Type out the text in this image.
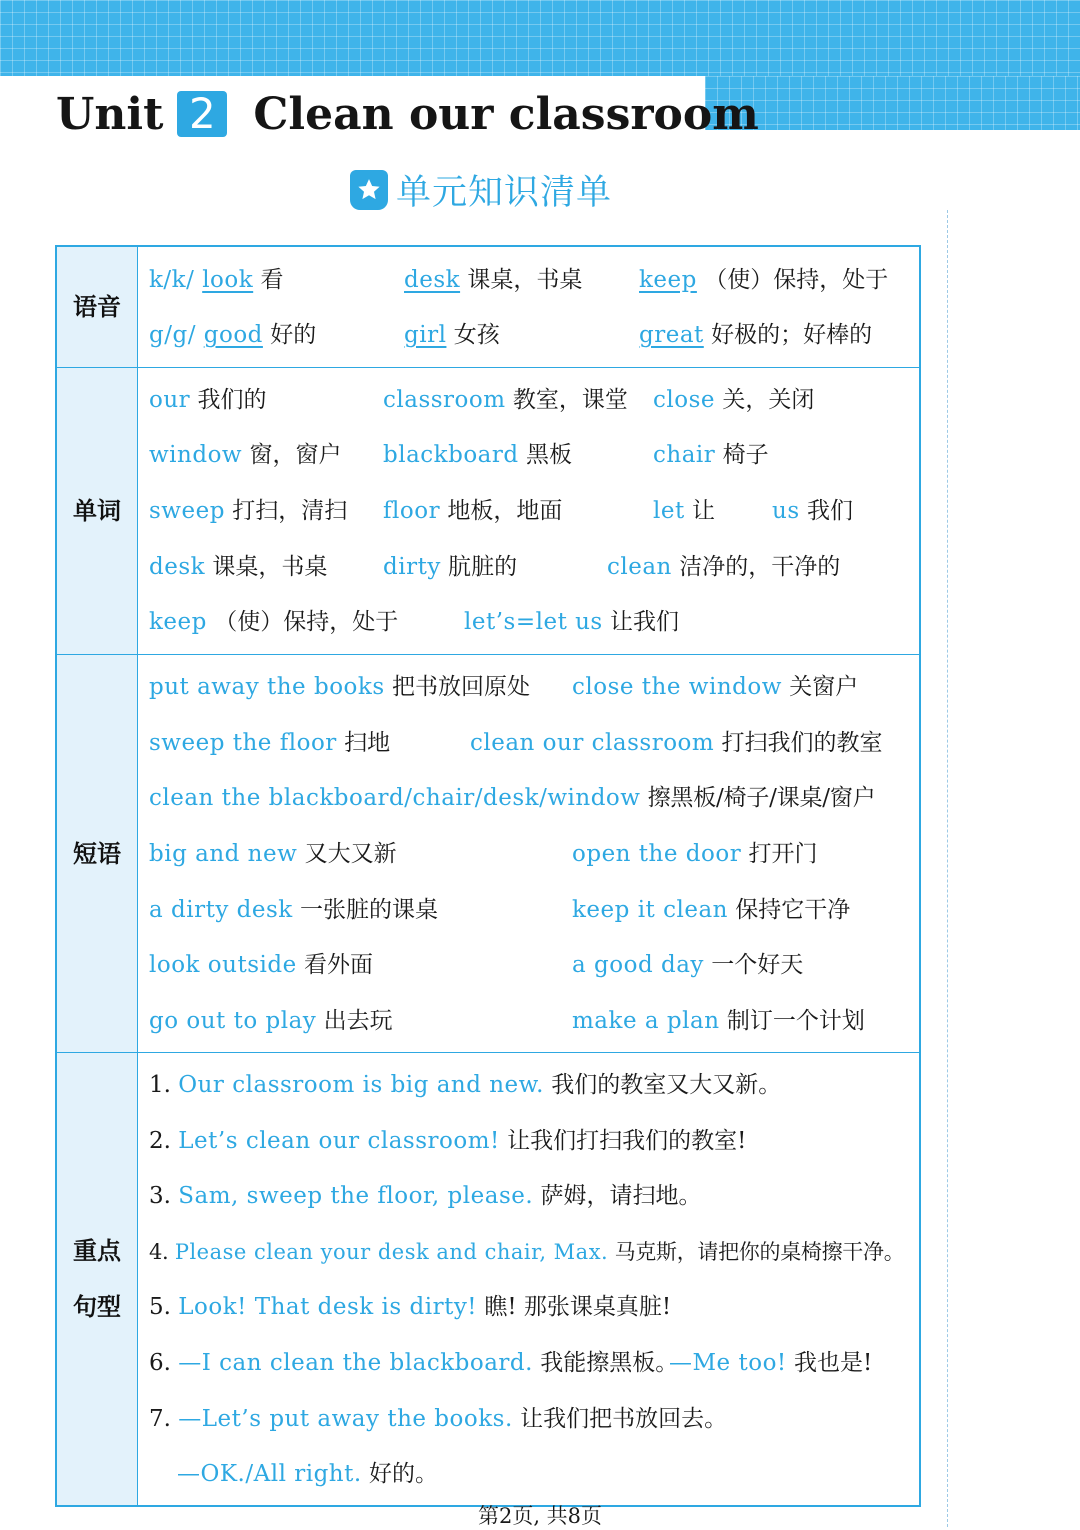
Unit 2 Clean our classroom
单元知识清单
语音
k/k/ look 看	desk 课桌，书桌 keep （使）保持，处于
g/g/ good 好的	girl 女孩	great 好极的；好棒的
单词
our 我们的	classroom 教室，课堂 close 关，关闭
window 窗，窗户 blackboard 黑板	chair 椅子
sweep 打扫，清扫 floor 地板，地面	let 让 us 我们
desk 课桌，书桌 dirty 肮脏的	clean 洁净的，干净的
keep （使）保持，处于	let’s=let us 让我们
短语
put away the books 把书放回原处 close the window 关窗户
sweep the floor 扫地	clean our classroom 打扫我们的教室
clean the blackboard/chair/desk/window 擦黑板/椅子/课桌/窗户
big and new 又大又新	open the door 打开门
a dirty desk 一张脏的课桌	keep it clean 保持它干净
look outside 看外面	a good day 一个好天
go out to play 出去玩	make a plan 制订一个计划
重点
句型
1. Our classroom is big and new. 我们的教室又大又新。
2. Let’s clean our classroom! 让我们打扫我们的教室!
3. Sam, sweep the floor, please. 萨姆，请扫地。
4. Please clean your desk and chair, Max. 马克斯，请把你的桌椅擦干净。
5. Look! That desk is dirty! 瞧! 那张课桌真脏!
6. —I can clean the blackboard. 我能擦黑板。
—Me too! 我也是!
7. —Let’s put away the books. 让我们把书放回去。
—OK./All right. 好的。
第2页, 共8页
